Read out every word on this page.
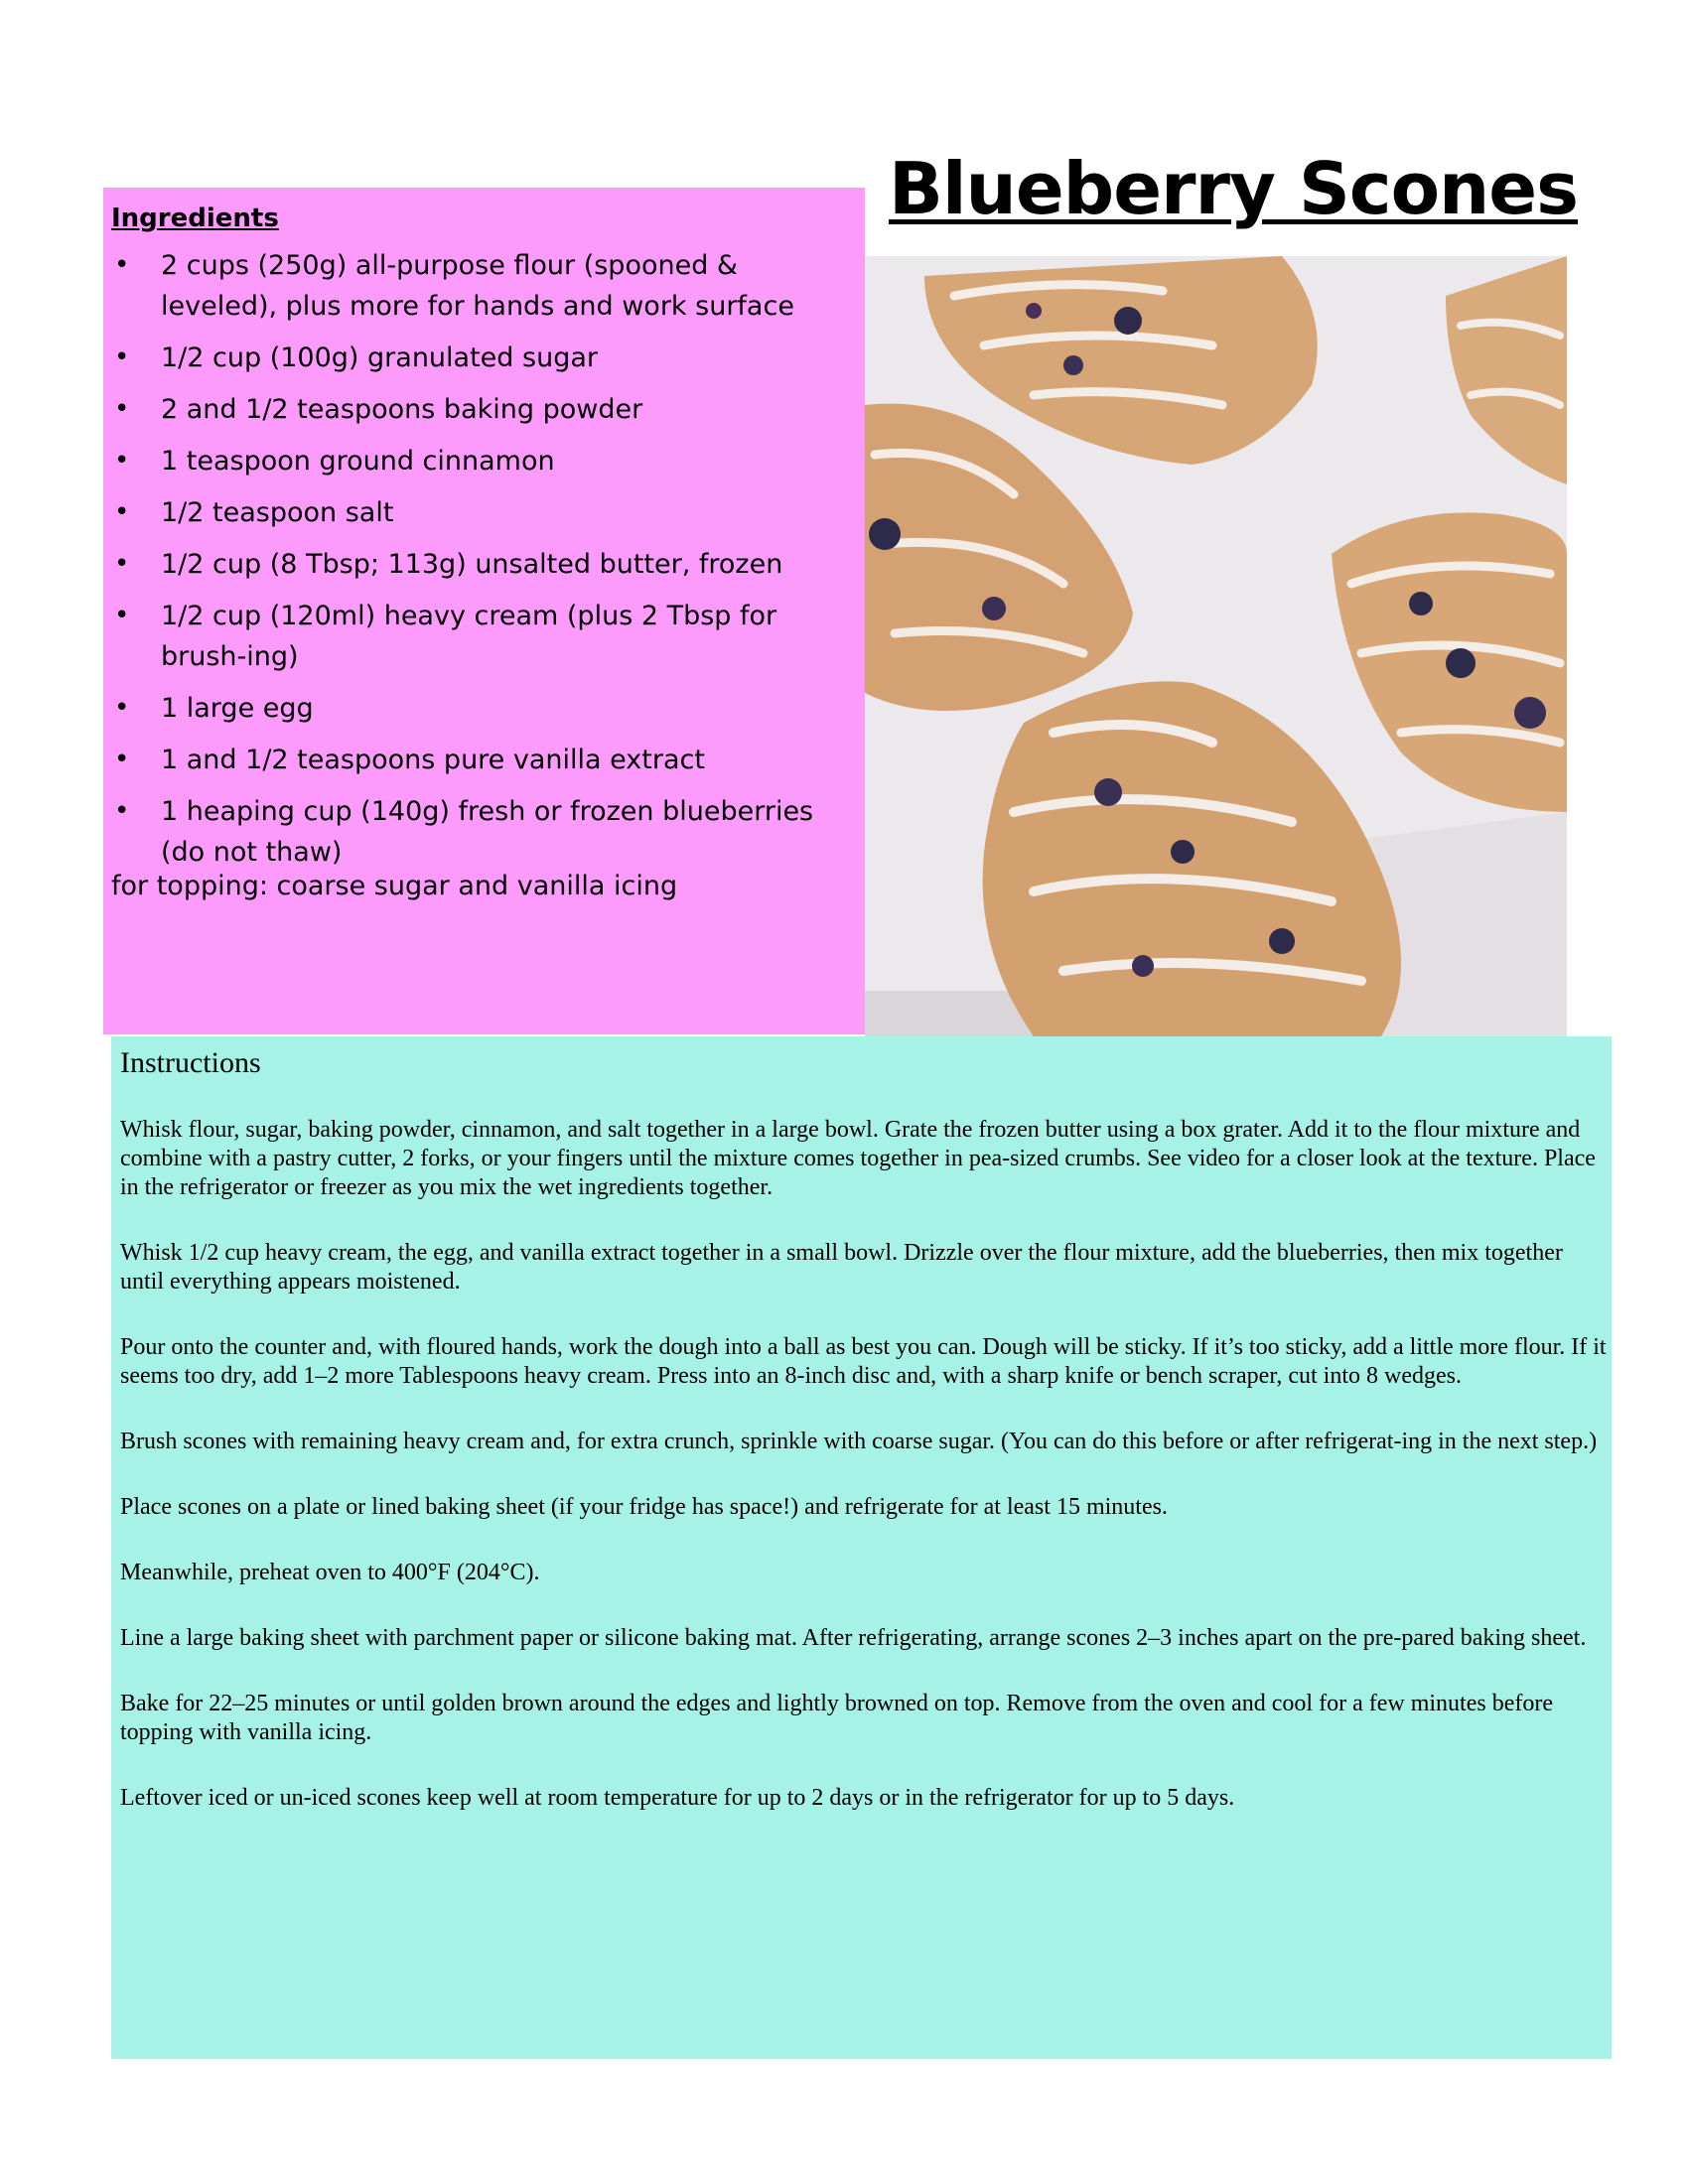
Blueberry Scones
Ingredients
• 2 cups (250g) all-purpose flour (spooned & leveled), plus more for hands and work surface
• 1/2 cup (100g) granulated sugar
• 2 and 1/2 teaspoons baking powder
• 1 teaspoon ground cinnamon
• 1/2 teaspoon salt
• 1/2 cup (8 Tbsp; 113g) unsalted butter, frozen
• 1/2 cup (120ml) heavy cream (plus 2 Tbsp for brush-ing)
• 1 large egg
• 1 and 1/2 teaspoons pure vanilla extract
• 1 heaping cup (140g) fresh or frozen blueberries (do not thaw)
for topping: coarse sugar and vanilla icing
Instructions

Whisk flour, sugar, baking powder, cinnamon, and salt together in a large bowl. Grate the frozen butter using a box grater. Add it to the flour mixture and combine with a pastry cutter, 2 forks, or your fingers until the mixture comes together in pea-sized crumbs. See video for a closer look at the texture. Place in the refrigerator or freezer as you mix the wet ingredients together.

Whisk 1/2 cup heavy cream, the egg, and vanilla extract together in a small bowl. Drizzle over the flour mixture, add the blueberries, then mix together until everything appears moistened.

Pour onto the counter and, with floured hands, work the dough into a ball as best you can. Dough will be sticky. If it’s too sticky, add a little more flour. If it seems too dry, add 1–2 more Tablespoons heavy cream. Press into an 8-inch disc and, with a sharp knife or bench scraper, cut into 8 wedges.

Brush scones with remaining heavy cream and, for extra crunch, sprinkle with coarse sugar. (You can do this before or after refrigerat-ing in the next step.)

Place scones on a plate or lined baking sheet (if your fridge has space!) and refrigerate for at least 15 minutes.

Meanwhile, preheat oven to 400°F (204°C).

Line a large baking sheet with parchment paper or silicone baking mat. After refrigerating, arrange scones 2–3 inches apart on the pre-pared baking sheet.

Bake for 22–25 minutes or until golden brown around the edges and lightly browned on top. Remove from the oven and cool for a few minutes before topping with vanilla icing.

Leftover iced or un-iced scones keep well at room temperature for up to 2 days or in the refrigerator for up to 5 days.
